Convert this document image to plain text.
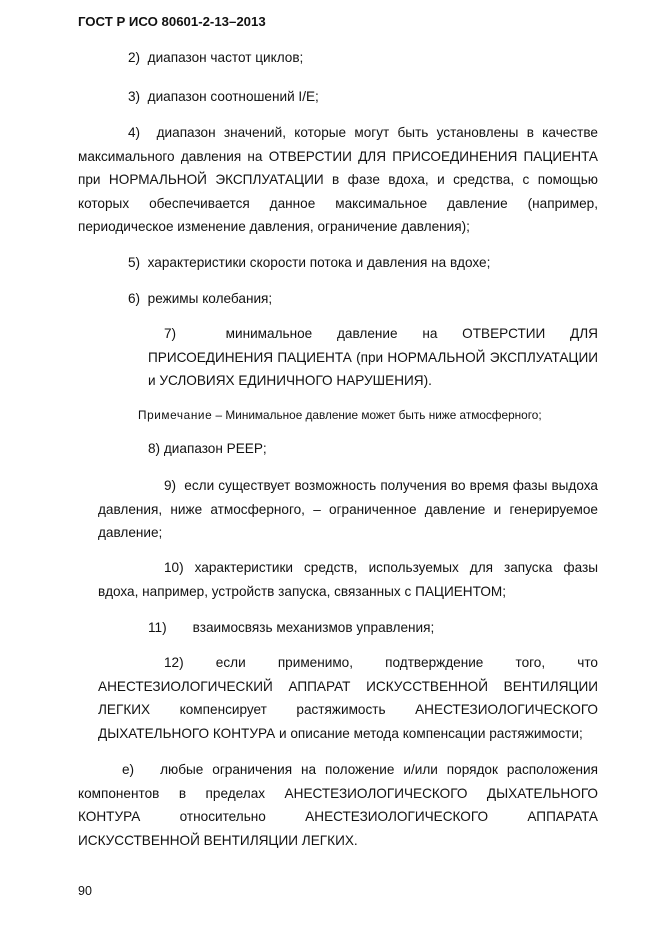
ГОСТ Р ИСО 80601-2-13–2013
2) диапазон частот циклов;
3) диапазон соотношений I/E;
4) диапазон значений, которые могут быть установлены в качестве максимального давления на ОТВЕРСТИИ ДЛЯ ПРИСОЕДИНЕНИЯ ПАЦИЕНТА при НОРМАЛЬНОЙ ЭКСПЛУАТАЦИИ в фазе вдоха, и средства, с помощью которых обеспечивается данное максимальное давление (например, периодическое изменение давления, ограничение давления);
5) характеристики скорости потока и давления на вдохе;
6) режимы колебания;
7)	минимальное давление на ОТВЕРСТИИ ДЛЯ ПРИСОЕДИНЕНИЯ ПАЦИЕНТА (при НОРМАЛЬНОЙ ЭКСПЛУАТАЦИИ и УСЛОВИЯХ ЕДИНИЧНОГО НАРУШЕНИЯ).
Примечание – Минимальное давление может быть ниже атмосферного;
8) диапазон PEEP;
9) если существует возможность получения во время фазы выдоха давления, ниже атмосферного, – ограниченное давление и генерируемое давление;
10) характеристики средств, используемых для запуска фазы вдоха, например, устройств запуска, связанных с ПАЦИЕНТОМ;
11) взаимосвязь механизмов управления;
12) если применимо, подтверждение того, что АНЕСТЕЗИОЛОГИЧЕСКИЙ АППАРАТ ИСКУССТВЕННОЙ ВЕНТИЛЯЦИИ ЛЕГКИХ компенсирует растяжимость АНЕСТЕЗИОЛОГИЧЕСКОГО ДЫХАТЕЛЬНОГО КОНТУРА и описание метода компенсации растяжимости;
e) любые ограничения на положение и/или порядок расположения компонентов в пределах АНЕСТЕЗИОЛОГИЧЕСКОГО ДЫХАТЕЛЬНОГО КОНТУРА относительно АНЕСТЕЗИОЛОГИЧЕСКОГО АППАРАТА ИСКУССТВЕННОЙ ВЕНТИЛЯЦИИ ЛЕГКИХ.
90
